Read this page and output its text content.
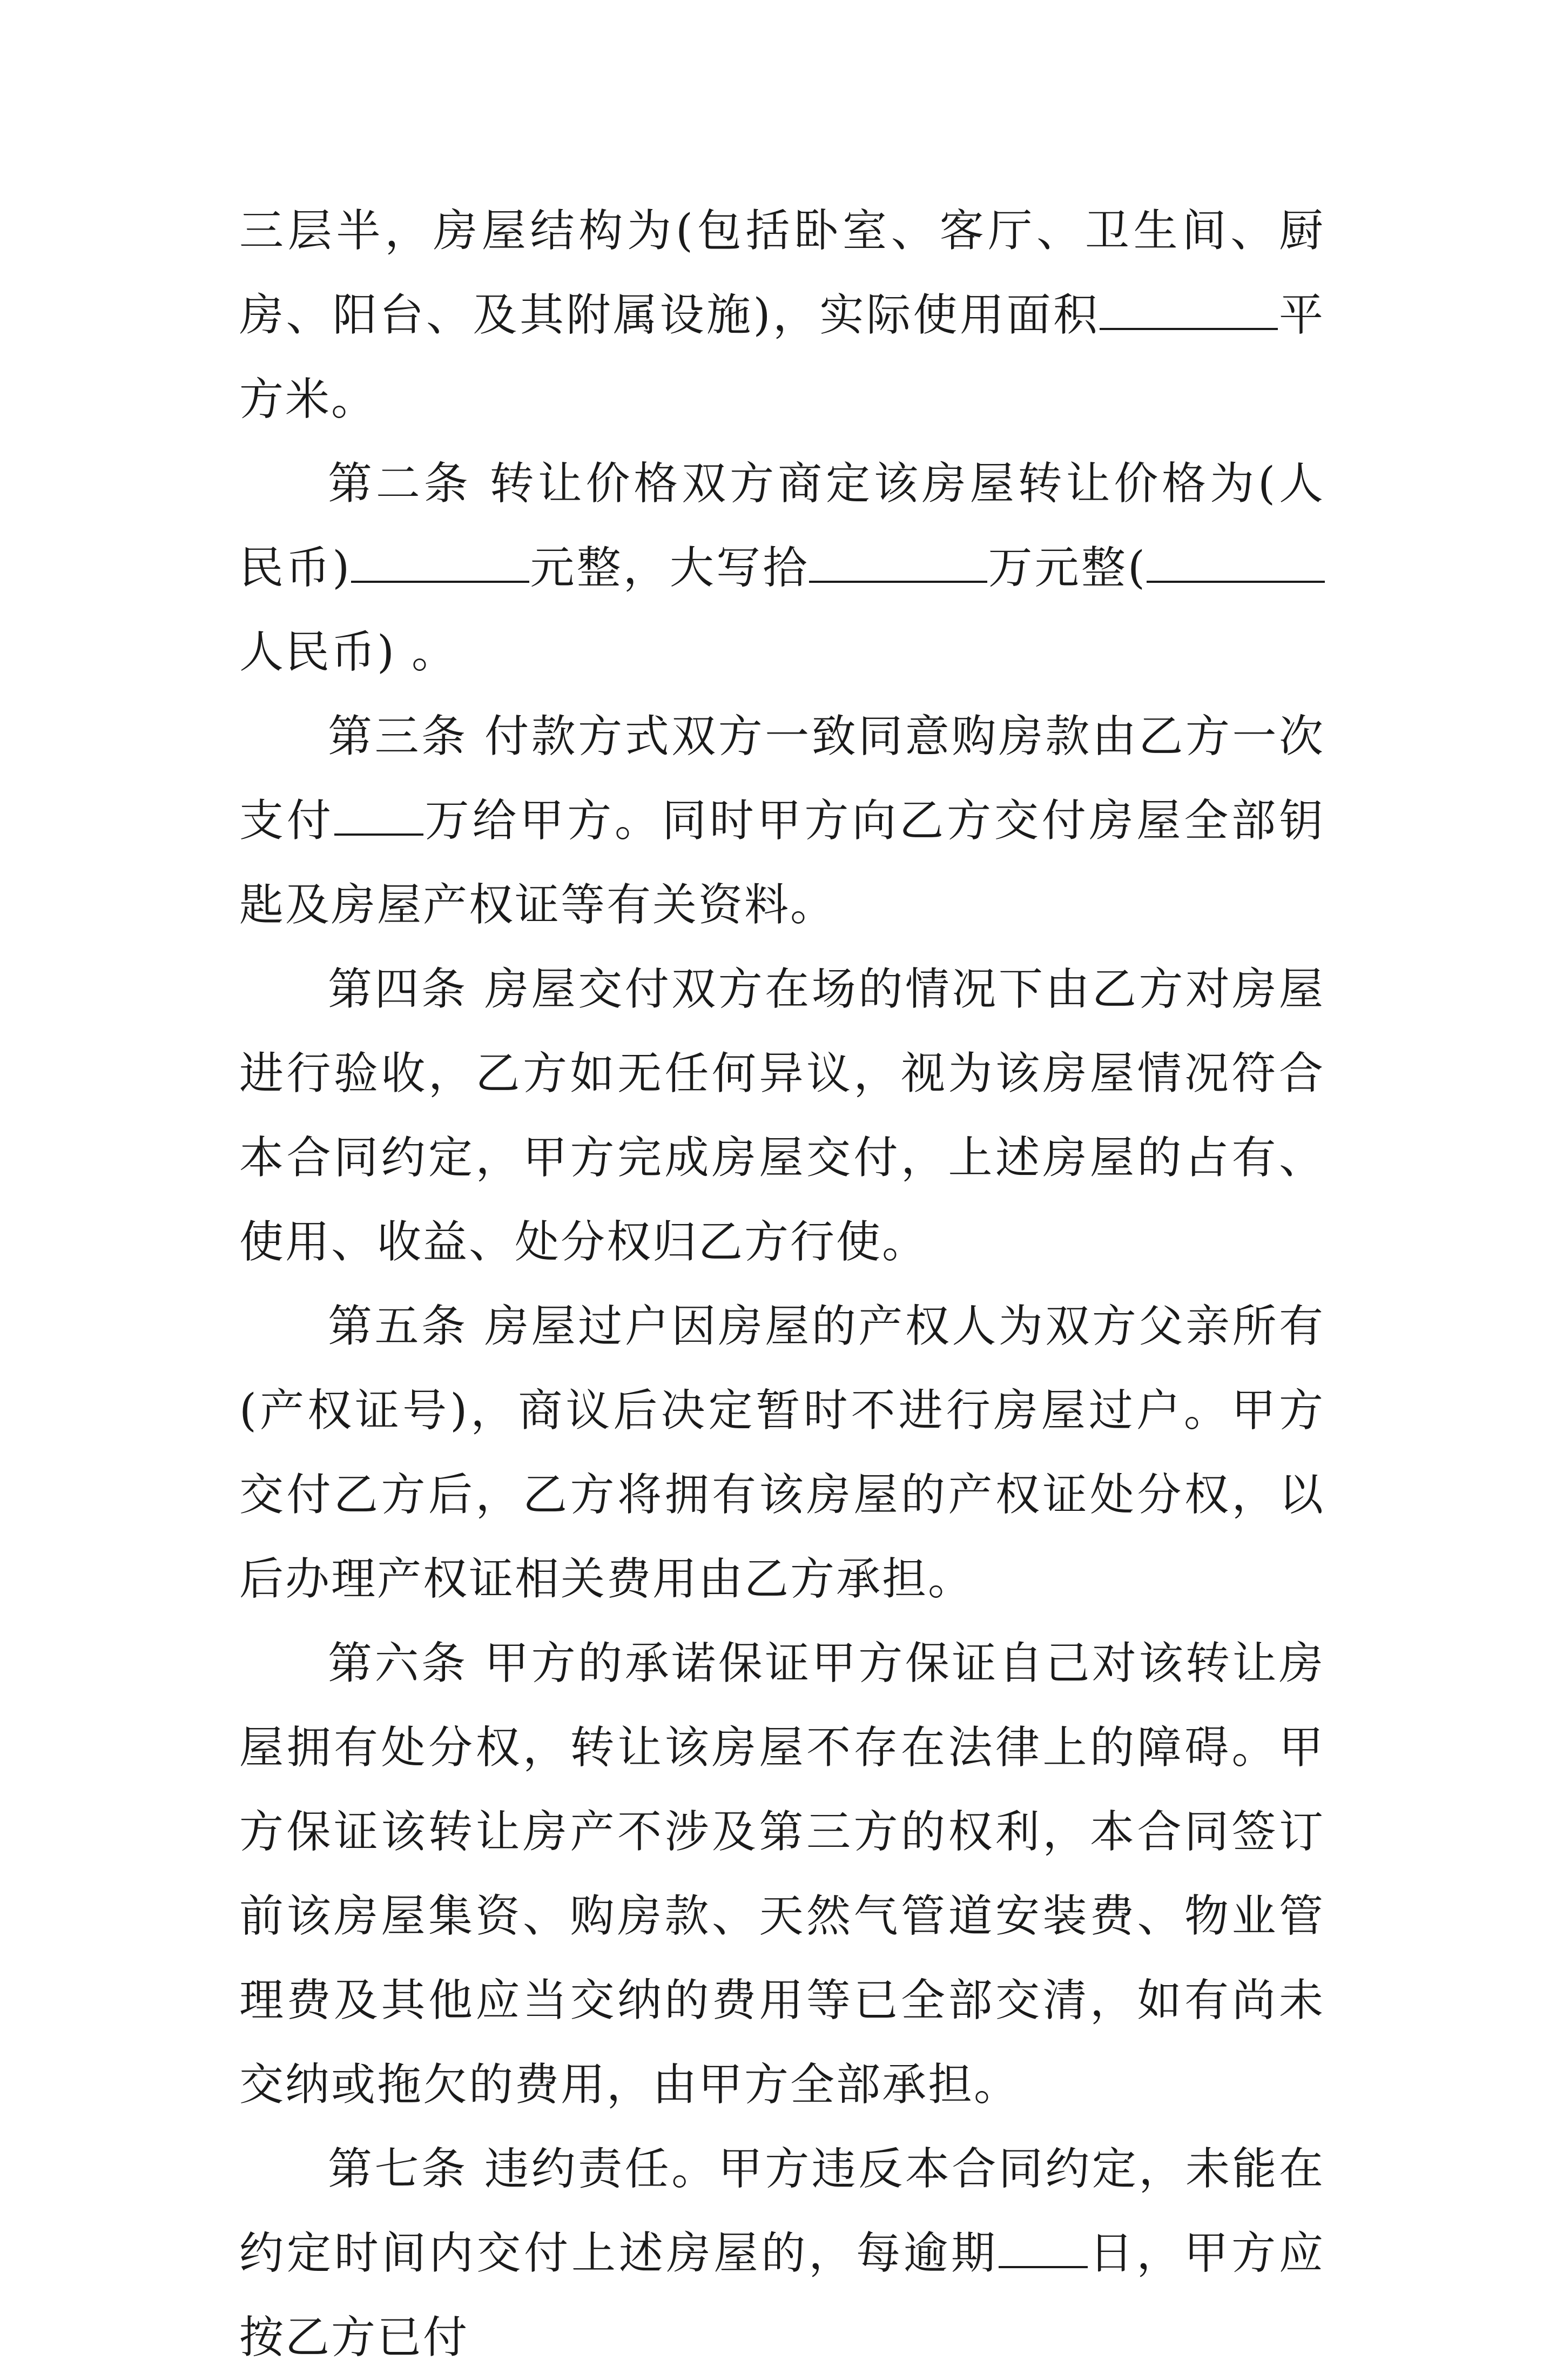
三层半，房屋结构为(包括卧室、客厅、卫生间、厨房、阳台、及其附属设施)，实际使用面积	平方米。

第二条 转让价格双方商定该房屋转让价格为(人民币)	元整，大写拾	万元整(人民币) 。

第三条 付款方式双方一致同意购房款由乙方一次支付 万给甲方。同时甲方向乙方交付房屋全部钥匙及房屋产权证等有关资料。

第四条 房屋交付双方在场的情况下由乙方对房屋进行验收，乙方如无任何异议，视为该房屋情况符合本合同约定，甲方完成房屋交付，上述房屋的占有、使用、收益、处分权归乙方行使。

第五条 房屋过户因房屋的产权人为双方父亲所有(产权证号)，商议后决定暂时不进行房屋过户。甲方交付乙方后，乙方将拥有该房屋的产权证处分权，以后办理产权证相关费用由乙方承担。

第六条 甲方的承诺保证甲方保证自己对该转让房屋拥有处分权，转让该房屋不存在法律上的障碍。甲方保证该转让房产不涉及第三方的权利，本合同签订前该房屋集资、购房款、天然气管道安装费、物业管理费及其他应当交纳的费用等已全部交清，如有尚未交纳或拖欠的费用，由甲方全部承担。

第七条 违约责任。甲方违反本合同约定，未能在约定时间内交付上述房屋的，每逾期 日，甲方应按乙方已付
